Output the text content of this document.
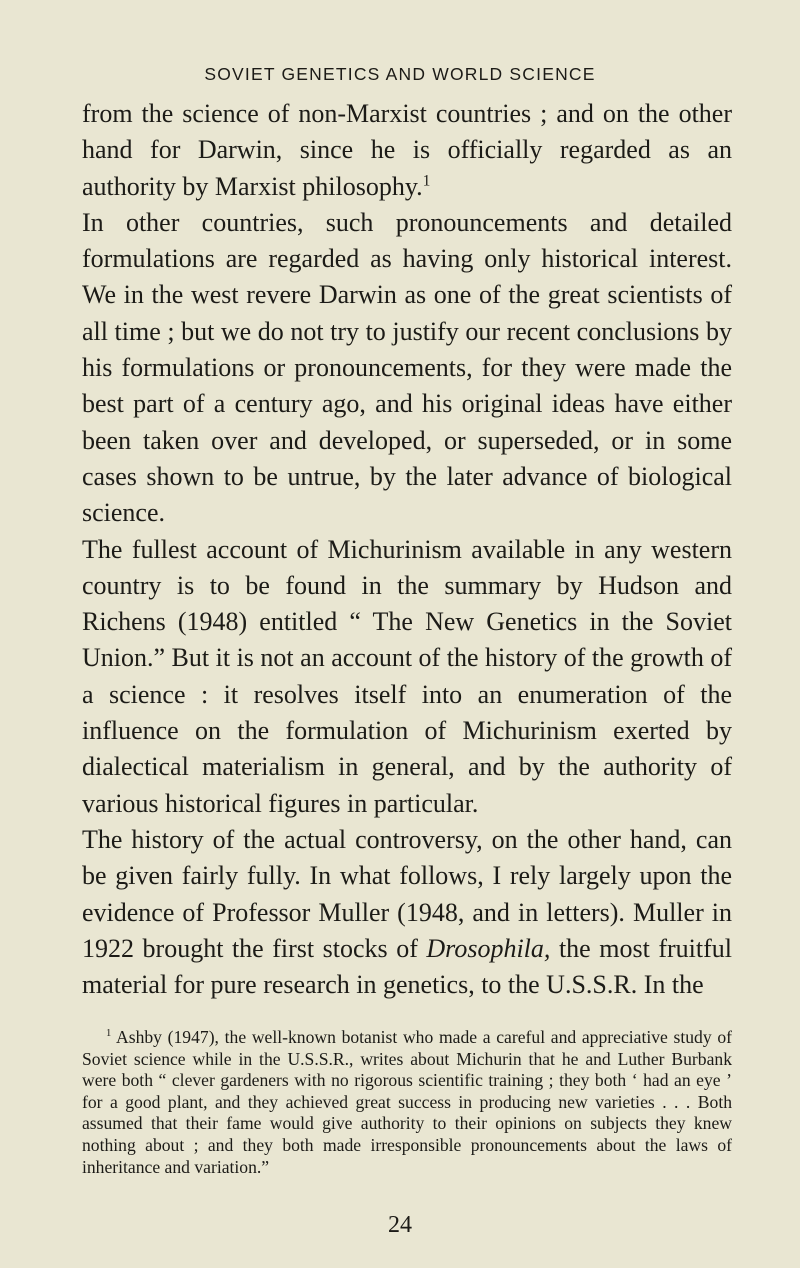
SOVIET GENETICS AND WORLD SCIENCE

from the science of non-Marxist countries ; and on the other hand for Darwin, since he is officially regarded as an authority by Marxist philosophy.$^1$

In other countries, such pronouncements and detailed formulations are regarded as having only historical interest. We in the west revere Darwin as one of the great scientists of all time ; but we do not try to justify our recent conclusions by his formulations or pronouncements, for they were made the best part of a century ago, and his original ideas have either been taken over and developed, or superseded, or in some cases shown to be untrue, by the later advance of biological science.

The fullest account of Michurinism available in any western country is to be found in the summary by Hudson and Richens (1948) entitled “ The New Genetics in the Soviet Union.” But it is not an account of the history of the growth of a science : it resolves itself into an enumeration of the influence on the formulation of Michurinism exerted by dialectical materialism in general, and by the authority of various historical figures in particular.

The history of the actual controversy, on the other hand, can be given fairly fully. In what follows, I rely largely upon the evidence of Professor Muller (1948, and in letters). Muller in 1922 brought the first stocks of Drosophila, the most fruitful material for pure research in genetics, to the U.S.S.R. In the

$^1$ Ashby (1947), the well-known botanist who made a careful and appreciative study of Soviet science while in the U.S.S.R., writes about Michurin that he and Luther Burbank were both “ clever gardeners with no rigorous scientific training ; they both ‘ had an eye ’ for a good plant, and they achieved great success in producing new varieties . . . Both assumed that their fame would give authority to their opinions on subjects they knew nothing about ; and they both made irresponsible pronouncements about the laws of inheritance and variation.”

24
